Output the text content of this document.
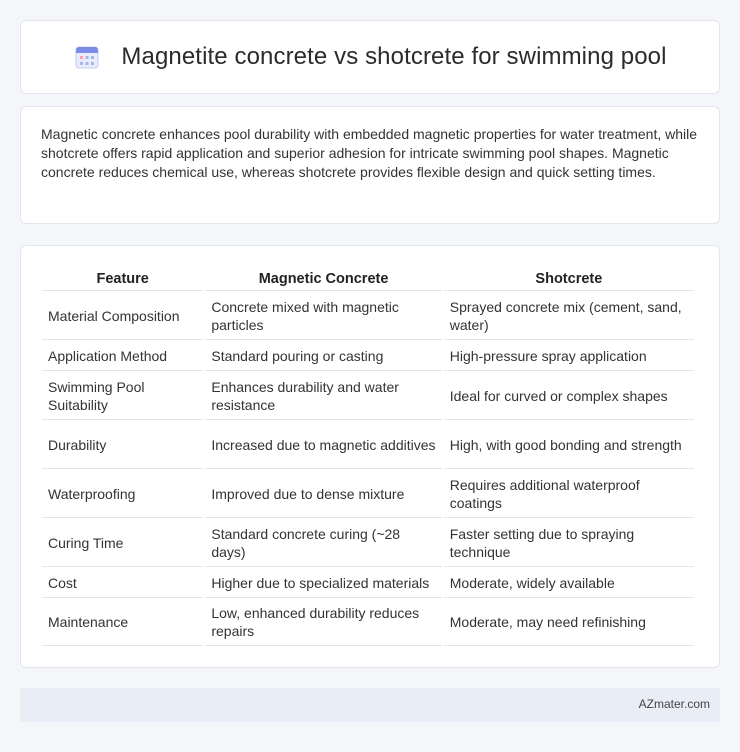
Magnetite concrete vs shotcrete for swimming pool

Magnetic concrete enhances pool durability with embedded magnetic properties for water treatment, while shotcrete offers rapid application and superior adhesion for intricate swimming pool shapes. Magnetic concrete reduces chemical use, whereas shotcrete provides flexible design and quick setting times.

Feature	Magnetic Concrete	Shotcrete
Material Composition	Concrete mixed with magnetic particles	Sprayed concrete mix (cement, sand, water)
Application Method	Standard pouring or casting	High-pressure spray application
Swimming Pool Suitability	Enhances durability and water resistance	Ideal for curved or complex shapes
Durability	Increased due to magnetic additives	High, with good bonding and strength
Waterproofing	Improved due to dense mixture	Requires additional waterproof coatings
Curing Time	Standard concrete curing (~28 days)	Faster setting due to spraying technique
Cost	Higher due to specialized materials	Moderate, widely available
Maintenance	Low, enhanced durability reduces repairs	Moderate, may need refinishing
AZmater.com
